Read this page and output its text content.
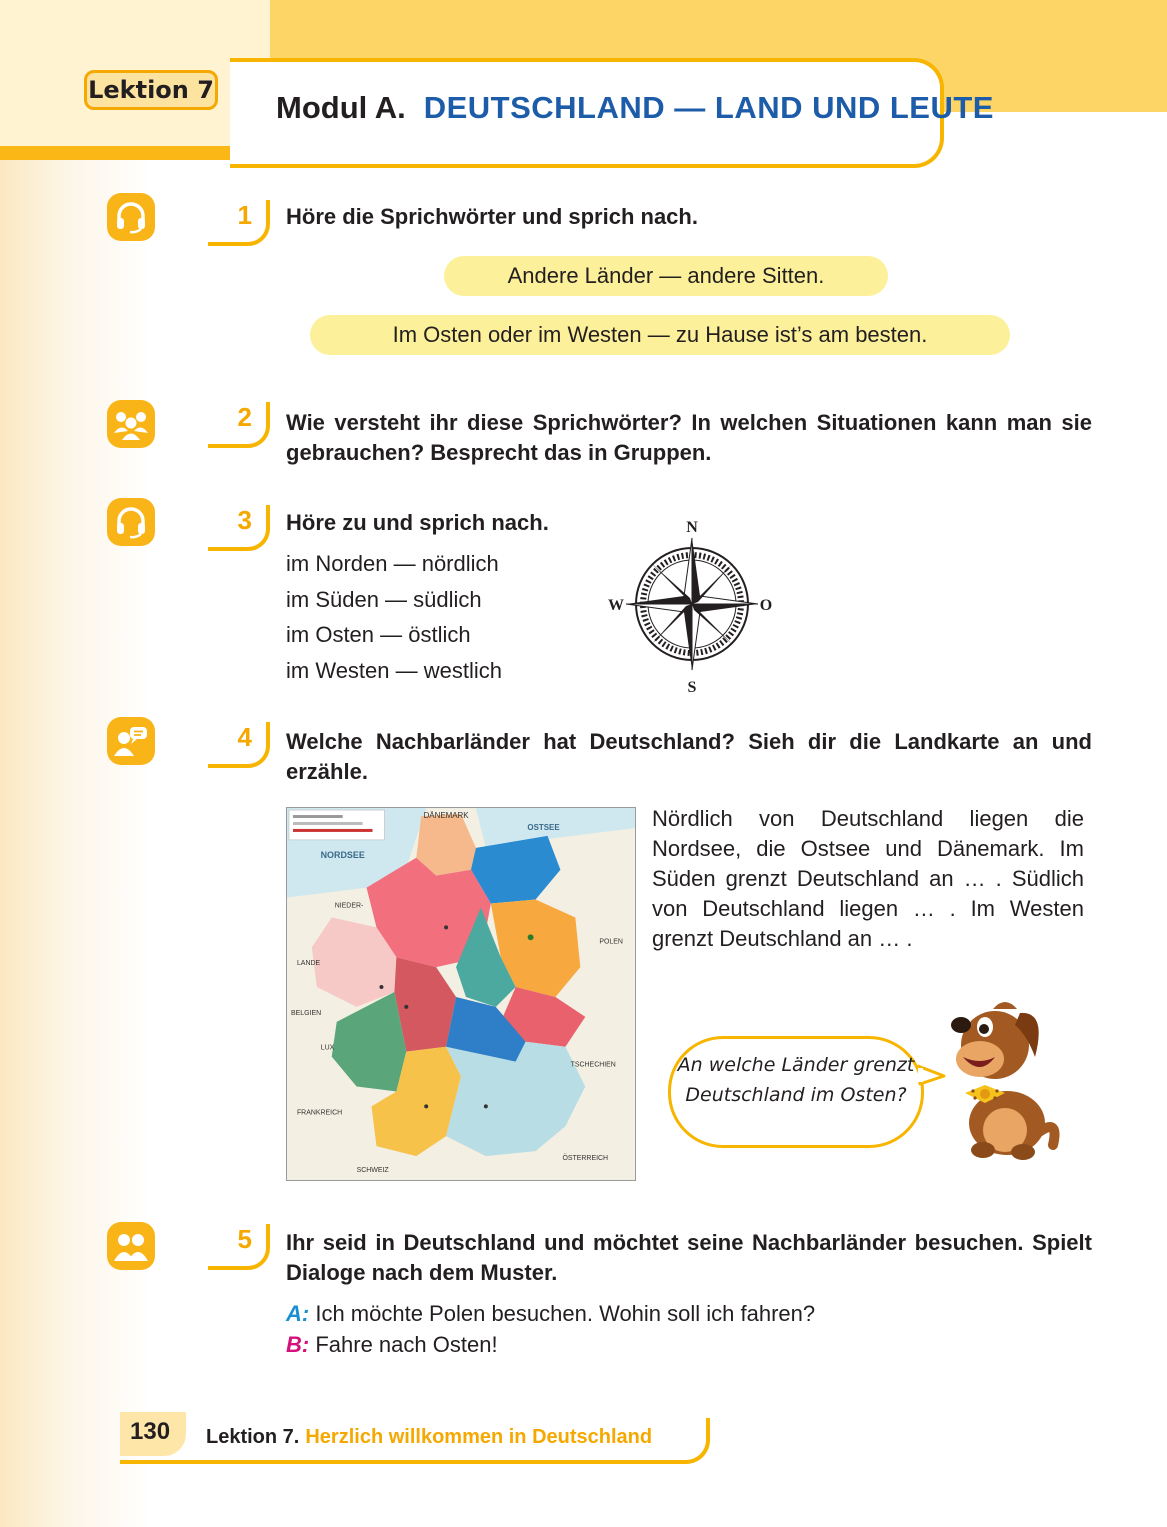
Lektion 7 Modul A. DEUTSCHLAND — LAND UND LEUTE
1	Höre die Sprichwörter und sprich nach.
Andere Länder — andere Sitten.
Im Osten oder im Westen — zu Hause ist’s am besten.
2	Wie versteht ihr diese Sprichwörter? In welchen Situationen kann man sie gebrauchen? Besprecht das in Gruppen.
3	Höre zu und sprich nach.
im Norden — nördlich
im Süden — südlich
im Osten — östlich
im Westen — westlich
N
S
W	O
4	Welche Nachbarländer hat Deutschland? Sieh dir die Landkarte an und erzähle.
DÄNEMARK
OSTSEE
NORDSEE
NIEDER-
LANDE
BELGIEN
LUX
FRANKREICH
SCHWEIZ
ÖSTERREICH
TSCHECHIEN
POLEN
Nördlich von Deutschland liegen die Nordsee, die Ostsee und Dänemark. Im Süden grenzt Deutschland an … . Südlich von Deutschland liegen … . Im Westen grenzt Deutschland an … .
An welche Länder grenzt Deutschland im Osten?
5	Ihr seid in Deutschland und möchtet seine Nachbarländer besuchen. Spielt Dialoge nach dem Muster.
A: Ich möchte Polen besuchen. Wohin soll ich fahren?
B: Fahre nach Osten!
130 Lektion 7. Herzlich willkommen in Deutschland
